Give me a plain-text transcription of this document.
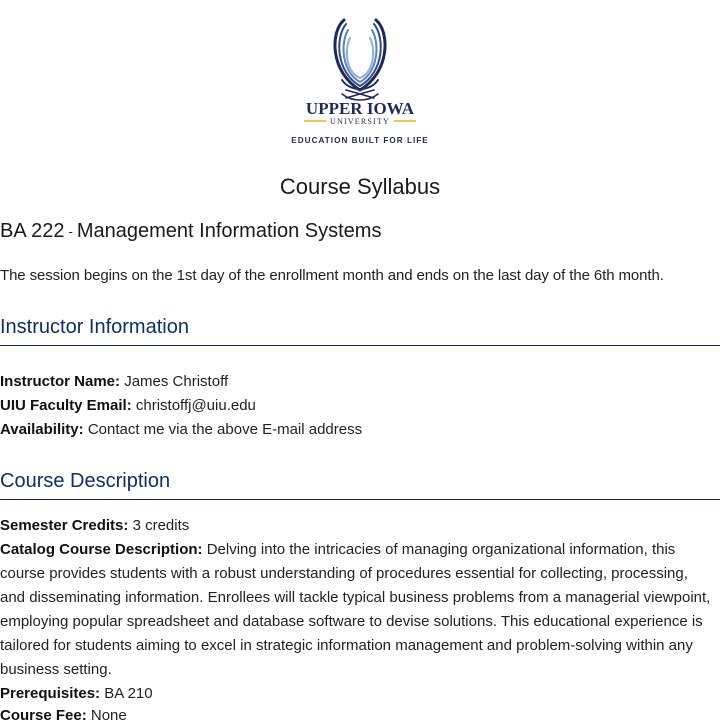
UPPER IOWA
UNIVERSITY
EDUCATION BUILT FOR LIFE
Course Syllabus
BA 222 - Management Information Systems
The session begins on the 1st day of the enrollment month and ends on the last day of the 6th month.
Instructor Information
Instructor Name: James Christoff
UIU Faculty Email: christoffj@uiu.edu
Availability: Contact me via the above E-mail address
Course Description
Semester Credits: 3 credits
Catalog Course Description: Delving into the intricacies of managing organizational information, this course provides students with a robust understanding of procedures essential for collecting, processing, and disseminating information. Enrollees will tackle typical business problems from a managerial viewpoint, employing popular spreadsheet and database software to devise solutions. This educational experience is tailored for students aiming to excel in strategic information management and problem-solving within any business setting.
Prerequisites: BA 210
Course Fee: None
